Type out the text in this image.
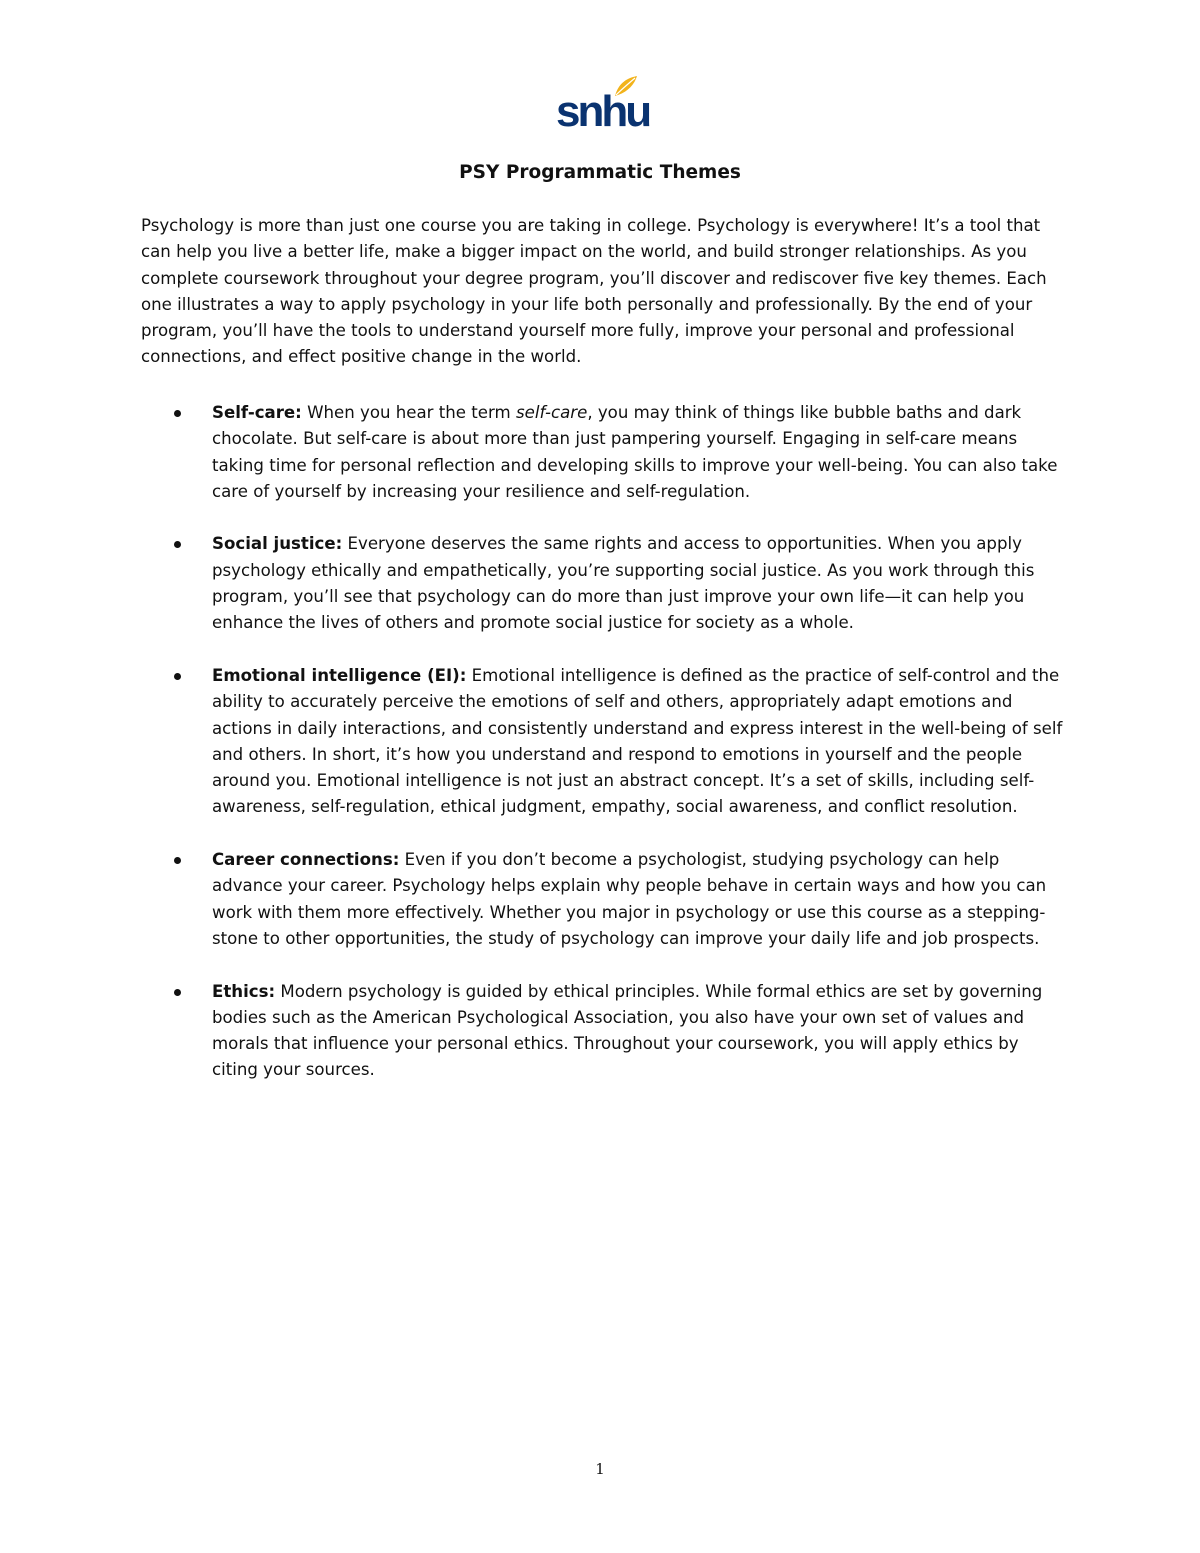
snhu
PSY Programmatic Themes

Psychology is more than just one course you are taking in college. Psychology is everywhere! It’s a tool that can help you live a better life, make a bigger impact on the world, and build stronger relationships. As you complete coursework throughout your degree program, you’ll discover and rediscover five key themes. Each one illustrates a way to apply psychology in your life both personally and professionally. By the end of your program, you’ll have the tools to understand yourself more fully, improve your personal and professional connections, and effect positive change in the world.

Self-care: When you hear the term self-care, you may think of things like bubble baths and dark chocolate. But self-care is about more than just pampering yourself. Engaging in self-care means taking time for personal reflection and developing skills to improve your well-being. You can also take care of yourself by increasing your resilience and self-regulation.
Social justice: Everyone deserves the same rights and access to opportunities. When you apply psychology ethically and empathetically, you’re supporting social justice. As you work through this program, you’ll see that psychology can do more than just improve your own life—it can help you enhance the lives of others and promote social justice for society as a whole.
Emotional intelligence (EI): Emotional intelligence is defined as the practice of self-control and the ability to accurately perceive the emotions of self and others, appropriately adapt emotions and actions in daily interactions, and consistently understand and express interest in the well-being of self and others. In short, it’s how you understand and respond to emotions in yourself and the people around you. Emotional intelligence is not just an abstract concept. It’s a set of skills, including self-awareness, self-regulation, ethical judgment, empathy, social awareness, and conflict resolution.
Career connections: Even if you don’t become a psychologist, studying psychology can help advance your career. Psychology helps explain why people behave in certain ways and how you can work with them more effectively. Whether you major in psychology or use this course as a stepping-stone to other opportunities, the study of psychology can improve your daily life and job prospects.
Ethics: Modern psychology is guided by ethical principles. While formal ethics are set by governing bodies such as the American Psychological Association, you also have your own set of values and morals that influence your personal ethics. Throughout your coursework, you will apply ethics by citing your sources.
1
